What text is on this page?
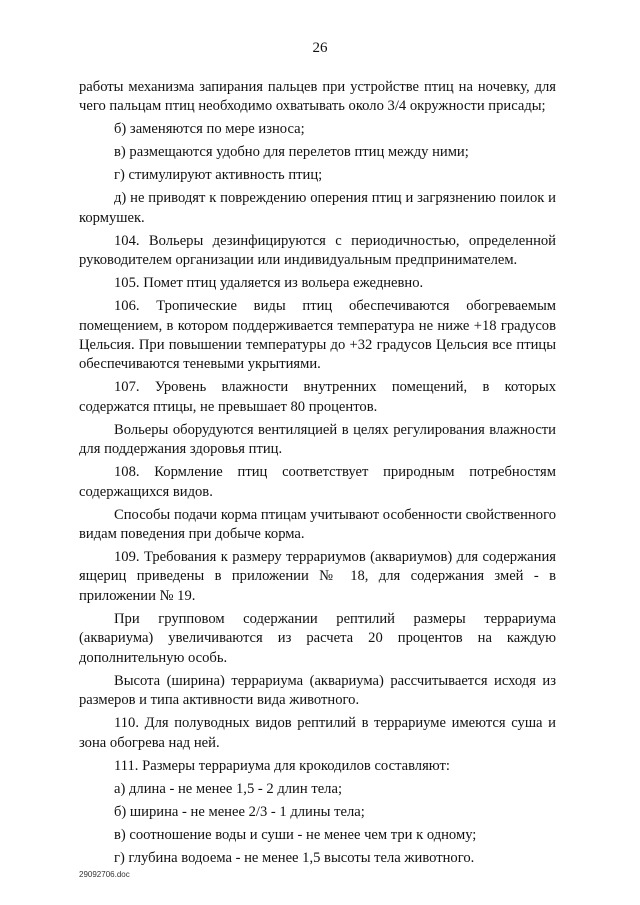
26

работы механизма запирания пальцев при устройстве птиц на ночевку, для чего пальцам птиц необходимо охватывать около 3/4 окружности присады;

б) заменяются по мере износа;

в) размещаются удобно для перелетов птиц между ними;

г) стимулируют активность птиц;

д) не приводят к повреждению оперения птиц и загрязнению поилок и кормушек.

104. Вольеры дезинфицируются с периодичностью, определенной руководителем организации или индивидуальным предпринимателем.

105. Помет птиц удаляется из вольера ежедневно.

106. Тропические виды птиц обеспечиваются обогреваемым помещением, в котором поддерживается температура не ниже +18 градусов Цельсия. При повышении температуры до +32 градусов Цельсия все птицы обеспечиваются теневыми укрытиями.

107. Уровень влажности внутренних помещений, в которых содержатся птицы, не превышает 80 процентов.

Вольеры оборудуются вентиляцией в целях регулирования влажности для поддержания здоровья птиц.

108. Кормление птиц соответствует природным потребностям содержащихся видов.

Способы подачи корма птицам учитывают особенности свойственного видам поведения при добыче корма.

109. Требования к размеру террариумов (аквариумов) для содержания ящериц приведены в приложении № 18, для содержания змей - в приложении № 19.

При групповом содержании рептилий размеры террариума (аквариума) увеличиваются из расчета 20 процентов на каждую дополнительную особь.

Высота (ширина) террариума (аквариума) рассчитывается исходя из размеров и типа активности вида животного.

110. Для полуводных видов рептилий в террариуме имеются суша и зона обогрева над ней.

111. Размеры террариума для крокодилов составляют:

а) длина - не менее 1,5 - 2 длин тела;

б) ширина - не менее 2/3 - 1 длины тела;

в) соотношение воды и суши - не менее чем три к одному;

г) глубина водоема - не менее 1,5 высоты тела животного.

29092706.doc
